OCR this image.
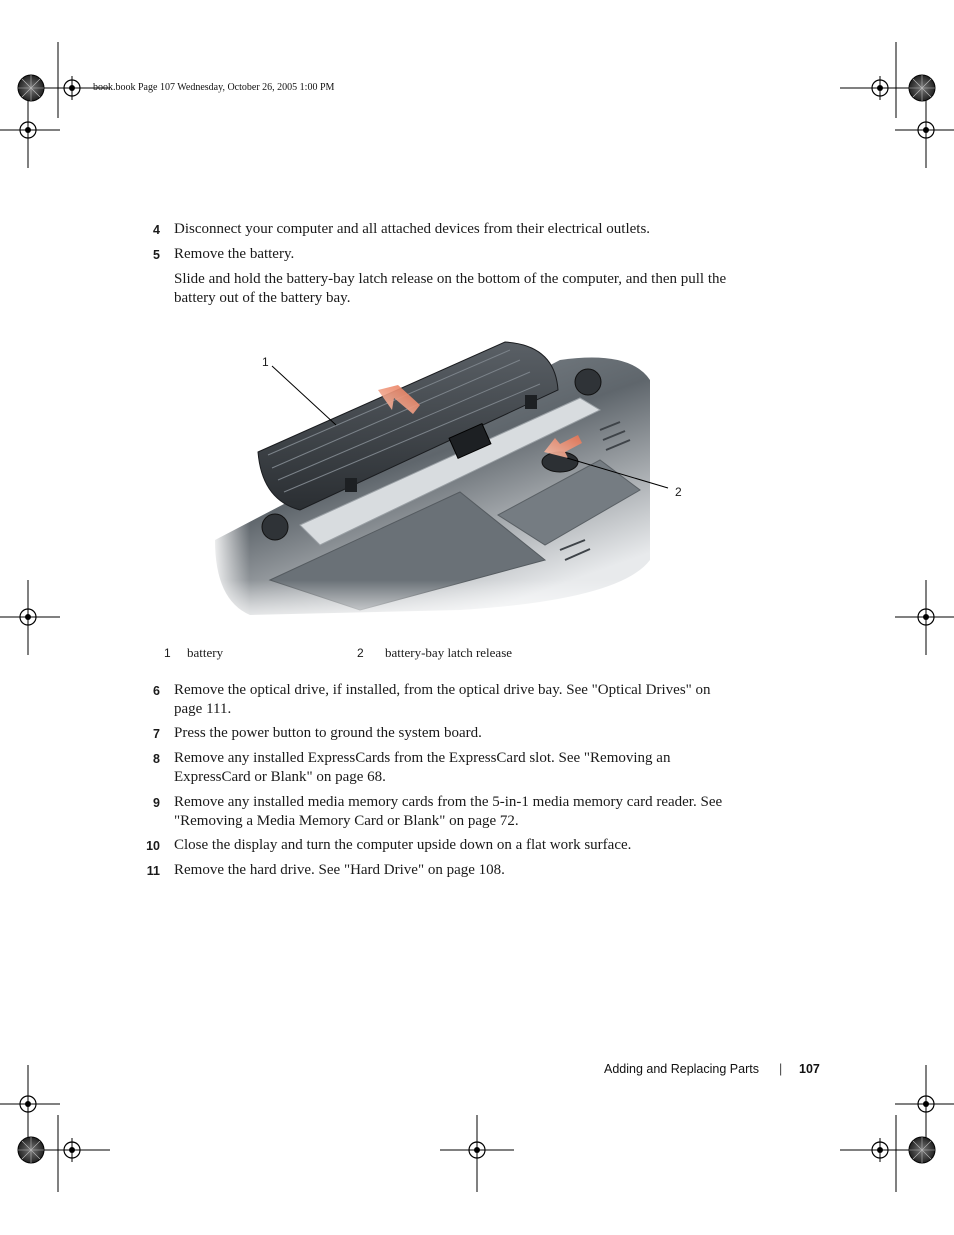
book.book Page 107 Wednesday, October 26, 2005 1:00 PM
4 Disconnect your computer and all attached devices from their electrical outlets.
5 Remove the battery.
Slide and hold the battery-bay latch release on the bottom of the computer, and then pull the
battery out of the battery bay.
1
2
1 battery	2 battery-bay latch release
6 Remove the optical drive, if installed, from the optical drive bay. See "Optical Drives" on
page 111.
7 Press the power button to ground the system board.
8 Remove any installed ExpressCards from the ExpressCard slot. See "Removing an
ExpressCard or Blank" on page 68.
9 Remove any installed media memory cards from the 5-in-1 media memory card reader. See
"Removing a Media Memory Card or Blank" on page 72.
10 Close the display and turn the computer upside down on a flat work surface.
11 Remove the hard drive. See "Hard Drive" on page 108.
Adding and Replacing Parts | 107
